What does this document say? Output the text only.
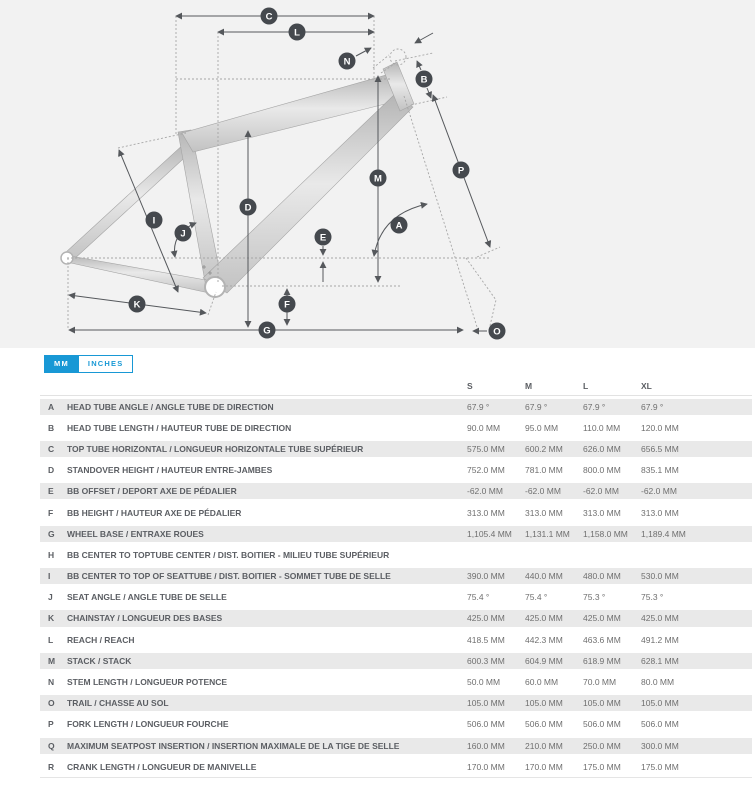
C
L
N
B
P
M
D
I	A
J	E
K	F
G	O
MM	INCHES
S	M	L	XL
A	HEAD TUBE ANGLE / ANGLE TUBE DE DIRECTION	67.9 °	67.9 °	67.9 °	67.9 °
B	HEAD TUBE LENGTH / HAUTEUR TUBE DE DIRECTION	90.0 MM	95.0 MM	110.0 MM	120.0 MM
C	TOP TUBE HORIZONTAL / LONGUEUR HORIZONTALE TUBE SUPÉRIEUR	575.0 MM	600.2 MM	626.0 MM	656.5 MM
D	STANDOVER HEIGHT / HAUTEUR ENTRE-JAMBES	752.0 MM	781.0 MM	800.0 MM	835.1 MM
E	BB OFFSET / DEPORT AXE DE PÉDALIER	-62.0 MM	-62.0 MM	-62.0 MM	-62.0 MM
F	BB HEIGHT / HAUTEUR AXE DE PÉDALIER	313.0 MM	313.0 MM	313.0 MM	313.0 MM
G	WHEEL BASE / ENTRAXE ROUES	1,105.4 MM	1,131.1 MM	1,158.0 MM	1,189.4 MM
H	BB CENTER TO TOPTUBE CENTER / DIST. BOITIER - MILIEU TUBE SUPÉRIEUR
I	BB CENTER TO TOP OF SEATTUBE / DIST. BOITIER - SOMMET TUBE DE SELLE	390.0 MM	440.0 MM	480.0 MM	530.0 MM
J	SEAT ANGLE / ANGLE TUBE DE SELLE	75.4 °	75.4 °	75.3 °	75.3 °
K	CHAINSTAY / LONGUEUR DES BASES	425.0 MM	425.0 MM	425.0 MM	425.0 MM
L	REACH / REACH	418.5 MM	442.3 MM	463.6 MM	491.2 MM
M	STACK / STACK	600.3 MM	604.9 MM	618.9 MM	628.1 MM
N	STEM LENGTH / LONGUEUR POTENCE	50.0 MM	60.0 MM	70.0 MM	80.0 MM
O	TRAIL / CHASSE AU SOL	105.0 MM	105.0 MM	105.0 MM	105.0 MM
P	FORK LENGTH / LONGUEUR FOURCHE	506.0 MM	506.0 MM	506.0 MM	506.0 MM
Q	MAXIMUM SEATPOST INSERTION / INSERTION MAXIMALE DE LA TIGE DE SELLE	160.0 MM	210.0 MM	250.0 MM	300.0 MM
R	CRANK LENGTH / LONGUEUR DE MANIVELLE	170.0 MM	170.0 MM	175.0 MM	175.0 MM
